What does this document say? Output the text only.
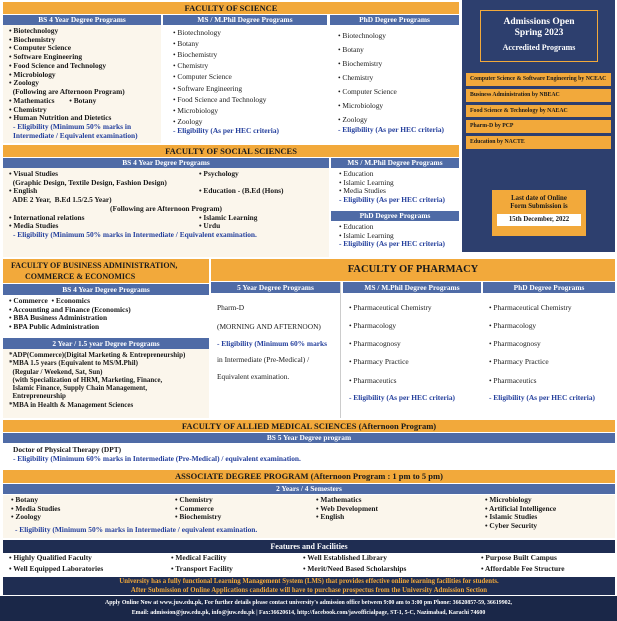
FACULTY OF SCIENCE
BS 4 Year Degree Programs
• Biotechnology
• Biochemistry
• Computer Science
• Software Engineering
• Food Science and Technology
• Microbiology
• Zoology
(Following are Afternoon Program)
• Mathematics        • Botany
• Chemistry
• Human Nutrition and Dietetics
- Eligibility (Minimum 50% marks in Intermediate / Equivalent examination)
MS / M.Phil Degree Programs
• Biotechnology
• Botany
• Biochemistry
• Chemistry
• Computer Science
• Software Engineering
• Food Science and Technology
• Microbiology
• Zoology
- Eligibility (As per HEC criteria)
PhD Degree Programs
• Biotechnology
• Botany
• Biochemistry
• Chemistry
• Computer Science
• Microbiology
• Zoology
- Eligibility (As per HEC criteria)
Admissions Open
Spring 2023
Accredited Programs
Computer Science & Software Engineering by NCEAC
Business Administration by NBEAC
Food Science & Technology by NAEAC
Pharm-D by PCP
Education by NACTE
Last date of Online
Form Submission is
15th December, 2022
FACULTY OF SOCIAL SCIENCES
BS 4 Year Degree Programs
• Visual Studies
(Graphic Design, Textile Design, Fashion Design)
• English
ADE 2 Year,  B.Ed 1.5/2.5 Year)
• Psychology
• Education - (B.Ed (Hons)
(Following are Afternoon Program)
• International relations
• Media Studies
• Islamic Learning
• Urdu
- Eligibility (Minimum 50% marks in Intermediate / Equivalent examination.
MS / M.Phil Degree Programs
• Education
• Islamic Learning
• Media Studies
- Eligibility (As per HEC criteria)
PhD Degree Programs
• Education
• Islamic Learning
- Eligibility (As per HEC criteria)
FACULTY OF BUSINESS ADMINISTRATION,
COMMERCE & ECONOMICS
BS 4 Year Degree Programs
• Commerce  • Economics
• Accounting and Finance (Economics)
• BBA Business Administration
• BPA Public Administration
2 Year / 1.5 year Degree Programs
*ADP(Commerce)(Digital Marketing & Entrepreneurship)
*MBA 1.5 years (Equivalent to MS/M.Phil)
(Regular / Weekend, Sat, Sun)
(with Specialization of HRM, Marketing, Finance,
Islamic Finance, Supply Chain Management,
Entrepreneurship
*MBA in Health & Management Sciences
FACULTY OF PHARMACY
5 Year Degree Programs
Pharm-D
(MORNING AND AFTERNOON)
- Eligibility (Minimum 60% marks
in Intermediate (Pre-Medical) /
Equivalent examination.
MS / M.Phil Degree Programs
• Pharmaceutical Chemistry
• Pharmacology
• Pharmacognosy
• Pharmacy Practice
• Pharmaceutics
- Eligibility (As per HEC criteria)
PhD Degree Programs
• Pharmaceutical Chemistry
• Pharmacology
• Pharmacognosy
• Pharmacy Practice
• Pharmaceutics
- Eligibility (As per HEC criteria)
FACULTY OF ALLIED MEDICAL SCIENCES (Afternoon Program)
BS 5 Year Degree program
Doctor of Physical Therapy (DPT)
- Eligibility (Minimum 60% marks in Intermediate (Pre-Medical) / equivalent examination.
ASSOCIATE DEGREE PROGRAM (Afternoon Program : 1 pm to 5 pm)
2 Years / 4 Semesters
• Botany
• Media Studies
• Zoology
• Chemistry
• Commerce
• Biochemistry
• Mathematics
• Web Development
• English
• Microbiology
• Artificial Intelligence
• Islamic Studies
• Cyber Security
- Eligibility (Minimum 50% marks in Intermediate / equivalent examination.
Features and Facilities
• Highly Qualified Faculty	• Medical Facility	• Well Established Library	• Purpose Built Campus
• Well Equipped Laboratories	• Transport Facility	• Merit/Need Based Scholarships	• Affordable Fee Structure
University has a fully functional Learning Management System (LMS) that provides effective online learning facilities for students.
After Submission of Online Applications candidate will have to purchase prospectus from the University Admission Section
Apply Online Now at www.juw.edu.pk, For further details please contact university's admission office between 9:00 am to 3:00 pm Phone: 36620857-59, 36619902,
Email: admission@juw.edu.pk, info@juw.edu.pk | Fax:36620614, http://facebook.com/jawofficialpage, ST-1, 5-C, Nazimabad, Karachi 74600
